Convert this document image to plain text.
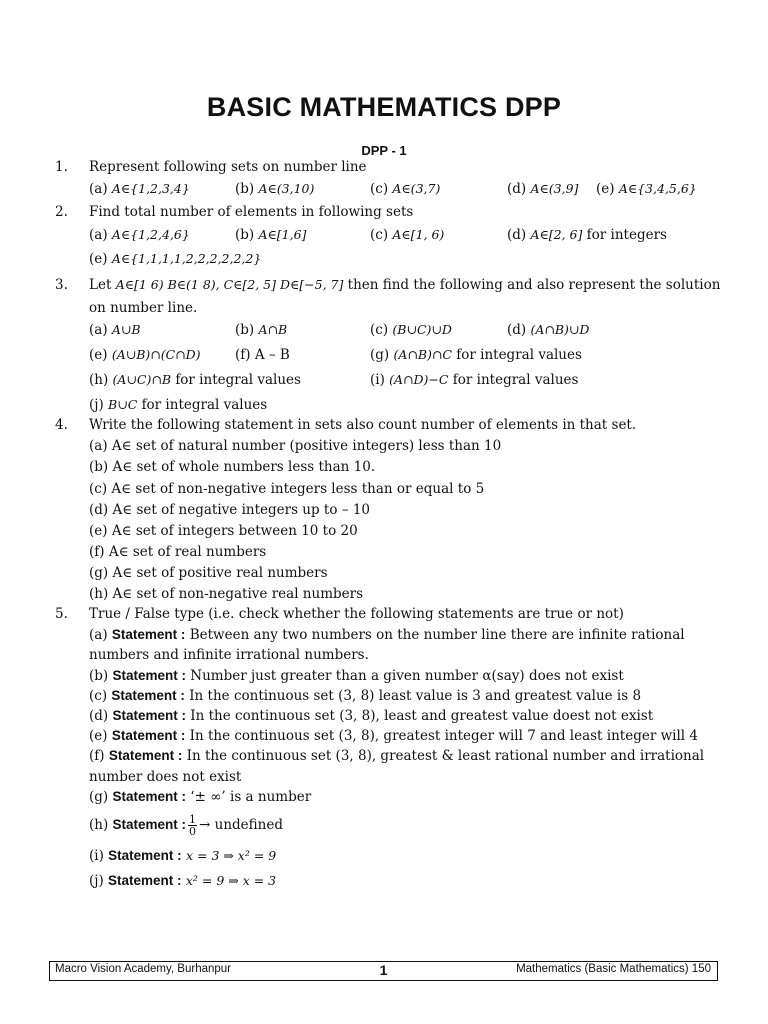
BASIC MATHEMATICS DPP
DPP - 1
1. Represent following sets on number line
(a) A∈{1,2,3,4}	(b) A∈(3,10)	(c) A∈(3,7)	(d) A∈(3,9] (e) A∈{3,4,5,6}
2. Find total number of elements in following sets
(a) A∈{1,2,4,6}	(b) A∈[1,6]	(c) A∈[1, 6)	(d) A∈[2, 6] for integers
(e) A∈{1,1,1,1,2,2,2,2,2,2}
3. Let A∈[1 6) B∈(1 8), C∈[2, 5] D∈[−5, 7] then find the following and also represent the solution
on number line.
(a) A∪B	(b) A∩B	(c) (B∪C)∪D	(d) (A∩B)∪D
(e) (A∪B)∩(C∩D)	(f) A – B	(g) (A∩B)∩C for integral values
(h) (A∪C)∩B for integral values	(i) (A∩D)−C for integral values
(j) B∪C for integral values
4. Write the following statement in sets also count number of elements in that set.
(a) A∈ set of natural number (positive integers) less than 10
(b) A∈ set of whole numbers less than 10.
(c) A∈ set of non-negative integers less than or equal to 5
(d) A∈ set of negative integers up to – 10
(e) A∈ set of integers between 10 to 20
(f) A∈ set of real numbers
(g) A∈ set of positive real numbers
(h) A∈ set of non-negative real numbers
5. True / False type (i.e. check whether the following statements are true or not)
(a) Statement : Between any two numbers on the number line there are infinite rational
numbers and infinite irrational numbers.
(b) Statement : Number just greater than a given number α(say) does not exist
(c) Statement : In the continuous set (3, 8) least value is 3 and greatest value is 8
(d) Statement : In the continuous set (3, 8), least and greatest value doest not exist
(e) Statement : In the continuous set (3, 8), greatest integer will 7 and least integer will 4
(f) Statement : In the continuous set (3, 8), greatest & least rational number and irrational
number does not exist
(g) Statement : ‘± ∞’ is a number
(h) Statement : $\frac{1}{0}$ → undefined
(i) Statement : x = 3 ⇒ x² = 9
(j) Statement : x² = 9 ⇒ x = 3
Macro Vision Academy, Burhanpur	1	Mathematics (Basic Mathematics) 150
